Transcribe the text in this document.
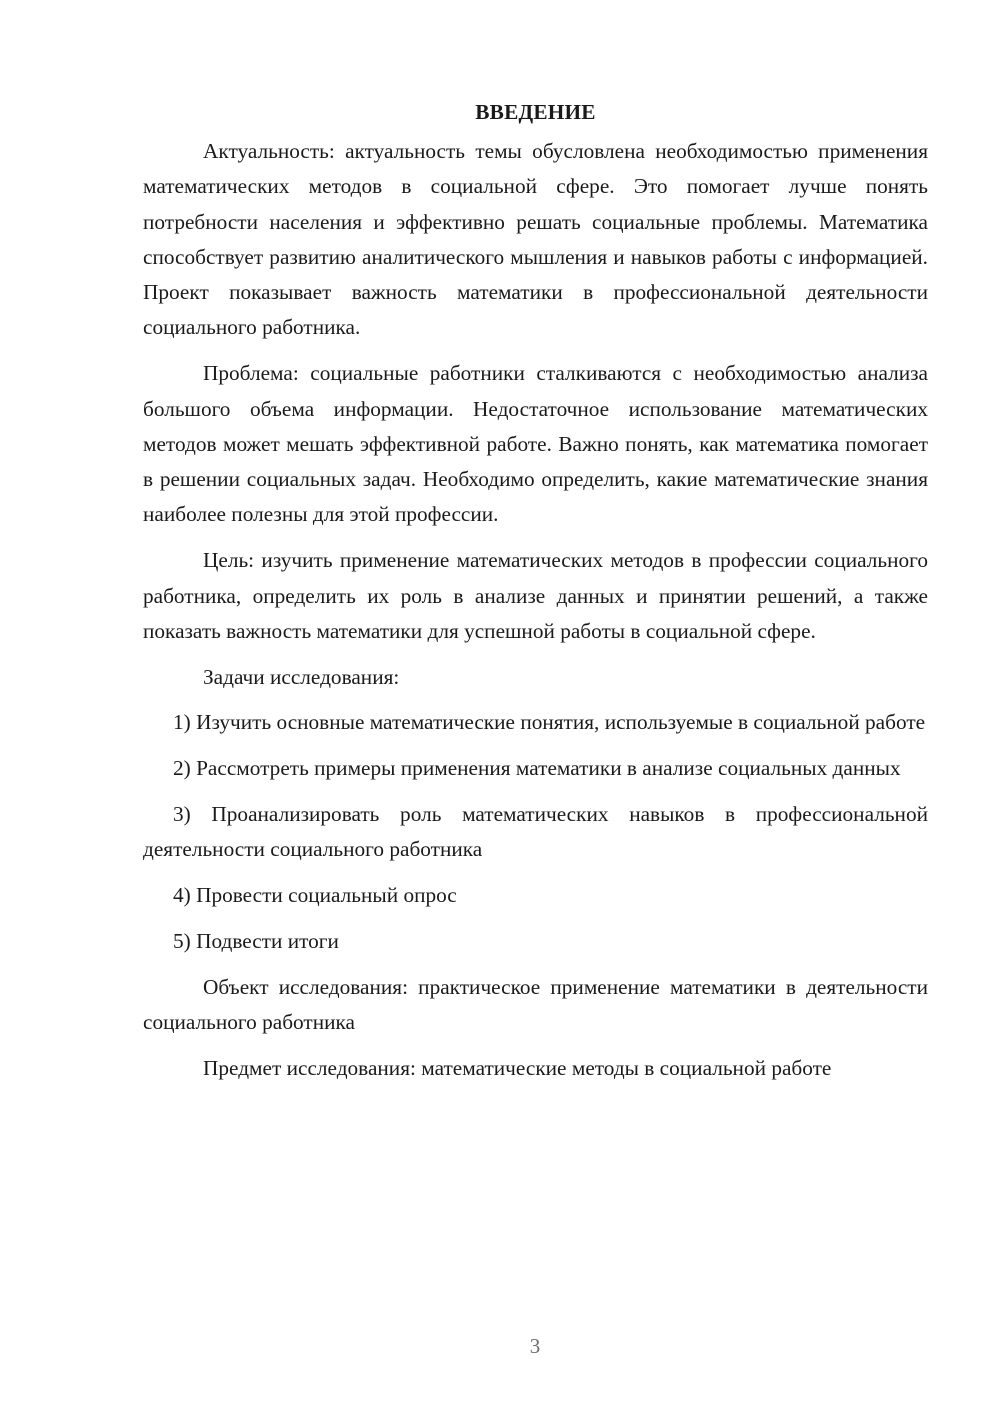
ВВЕДЕНИЕ

Актуальность: актуальность темы обусловлена необходимостью применения математических методов в социальной сфере. Это помогает лучше понять потребности населения и эффективно решать социальные проблемы. Математика способствует развитию аналитического мышления и навыков работы с информацией. Проект показывает важность математики в профессиональной деятельности социального работника.

Проблема: социальные работники сталкиваются с необходимостью анализа большого объема информации. Недостаточное использование математических методов может мешать эффективной работе. Важно понять, как математика помогает в решении социальных задач. Необходимо определить, какие математические знания наиболее полезны для этой профессии.

Цель: изучить применение математических методов в профессии социального работника, определить их роль в анализе данных и принятии решений, а также показать важность математики для успешной работы в социальной сфере.

Задачи исследования:

1) Изучить основные математические понятия, используемые в социальной работе

2) Рассмотреть примеры применения математики в анализе социальных данных

3) Проанализировать роль математических навыков в профессиональной деятельности социального работника

4) Провести социальный опрос

5) Подвести итоги

Объект исследования: практическое применение математики в деятельности социального работника

Предмет исследования: математические методы в социальной работе

3
